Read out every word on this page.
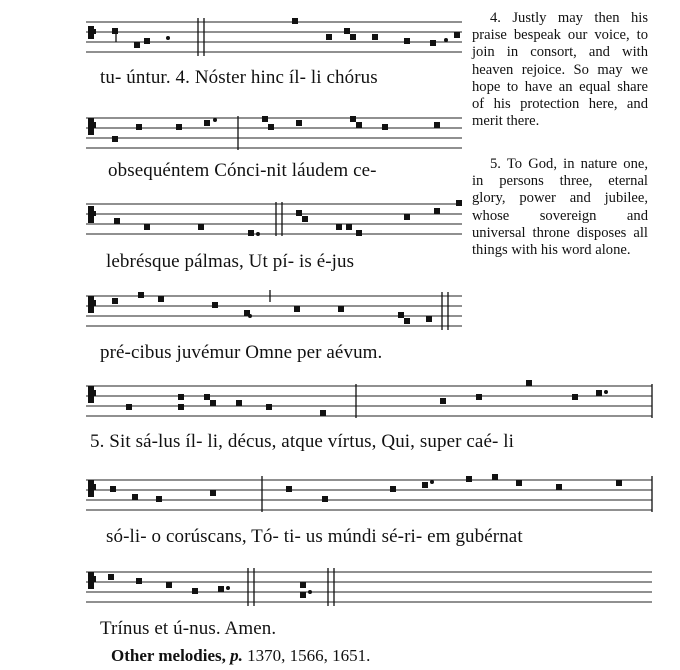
tu- úntur. 4. Nóster hinc íl- li chórus
obsequéntem Cónci-nit láudem ce-
lebrésque pálmas, Ut pí- is é-jus
pré-cibus juvémur Omne per aévum.
5. Sit sá-lus íl- li, décus, atque vírtus, Qui, super caé- li
só-li- o corúscans, Tó- ti- us múndi sé-ri- em gubérnat
Trínus et ú-nus. Amen.

4. Justly may then his praise bespeak our voice, to join in consort, and with heaven rejoice. So may we hope to have an equal share of his protection here, and merit there.

5. To God, in nature one, in persons three, eternal glory, power and jubilee, whose sovereign and universal throne disposes all things with his word alone.

Other melodies, p. 1370, 1566, 1651.
